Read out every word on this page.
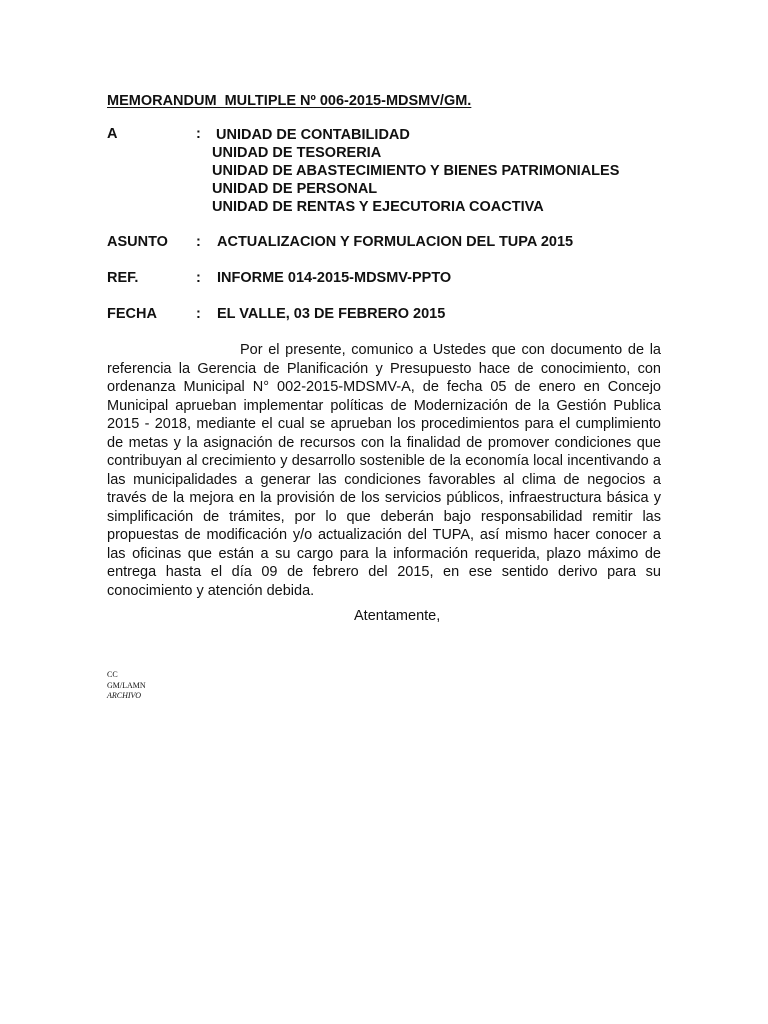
MEMORANDUM  MULTIPLE Nº 006-2015-MDSMV/GM.
A	: UNIDAD DE CONTABILIDAD
UNIDAD DE TESORERIA
UNIDAD DE ABASTECIMIENTO Y BIENES PATRIMONIALES
UNIDAD DE PERSONAL
UNIDAD DE RENTAS Y EJECUTORIA COACTIVA
ASUNTO : ACTUALIZACION Y FORMULACION DEL TUPA 2015
REF.	: INFORME 014-2015-MDSMV-PPTO
FECHA	: EL VALLE, 03 DE FEBRERO 2015

Por el presente, comunico a Ustedes que con documento de la referencia la Gerencia de Planificación y Presupuesto hace de conocimiento, con ordenanza Municipal N° 002-2015-MDSMV-A, de fecha 05 de enero en Concejo Municipal aprueban implementar políticas de Modernización de la Gestión Publica 2015 - 2018, mediante el cual se aprueban los procedimientos para el cumplimiento de metas y la asignación de recursos con la finalidad de promover condiciones que contribuyan al crecimiento y desarrollo sostenible de la economía local incentivando a las municipalidades a generar las condiciones favorables al clima de negocios a través de la mejora en la provisión de los servicios públicos, infraestructura básica y simplificación de trámites, por lo que deberán bajo responsabilidad remitir las propuestas de modificación y/o actualización del TUPA, así mismo hacer conocer a las oficinas que están a su cargo para la información requerida, plazo máximo de entrega hasta el día 09 de febrero del 2015, en ese sentido derivo para su conocimiento y atención debida.

Atentamente,
CC
GM/LAMN
ARCHIVO
